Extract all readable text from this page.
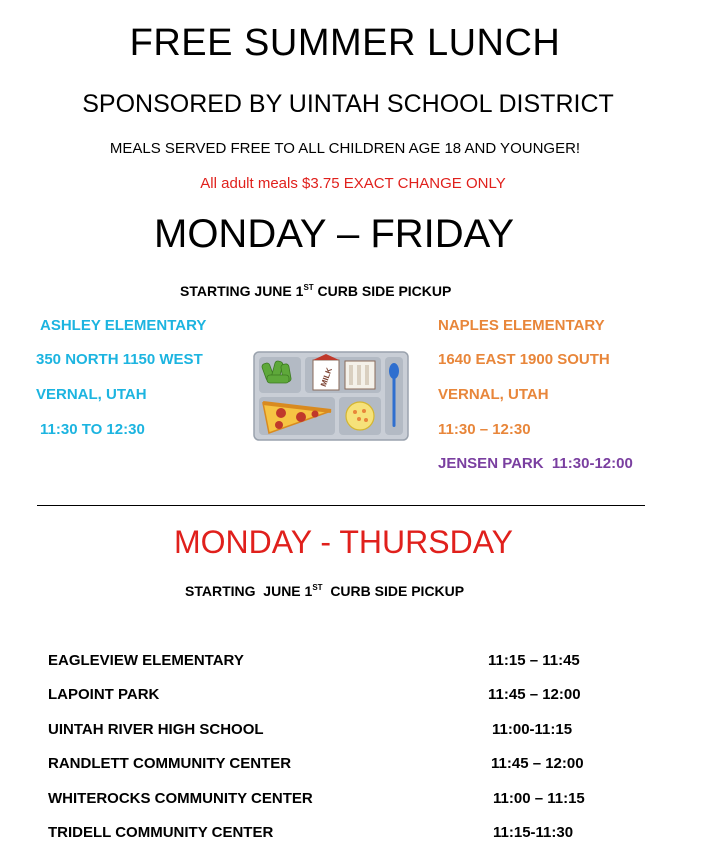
FREE SUMMER LUNCH
SPONSORED BY UINTAH SCHOOL DISTRICT
MEALS SERVED FREE TO ALL CHILDREN AGE 18 AND YOUNGER!
All adult meals $3.75 EXACT CHANGE ONLY
MONDAY – FRIDAY
STARTING JUNE 1ST CURB SIDE PICKUP
ASHLEY ELEMENTARY
350 NORTH 1150 WEST
VERNAL, UTAH
11:30 TO 12:30
NAPLES ELEMENTARY
1640 EAST 1900 SOUTH
VERNAL, UTAH
11:30 – 12:30
JENSEN PARK  11:30-12:00
MILK
MONDAY - THURSDAY
STARTING  JUNE 1ST  CURB SIDE PICKUP
EAGLEVIEW ELEMENTARY	11:15 – 11:45
LAPOINT PARK	11:45 – 12:00
UINTAH RIVER HIGH SCHOOL	11:00-11:15
RANDLETT COMMUNITY CENTER	11:45 – 12:00
WHITEROCKS COMMUNITY CENTER	11:00 – 11:15
TRIDELL COMMUNITY CENTER	11:15-11:30
